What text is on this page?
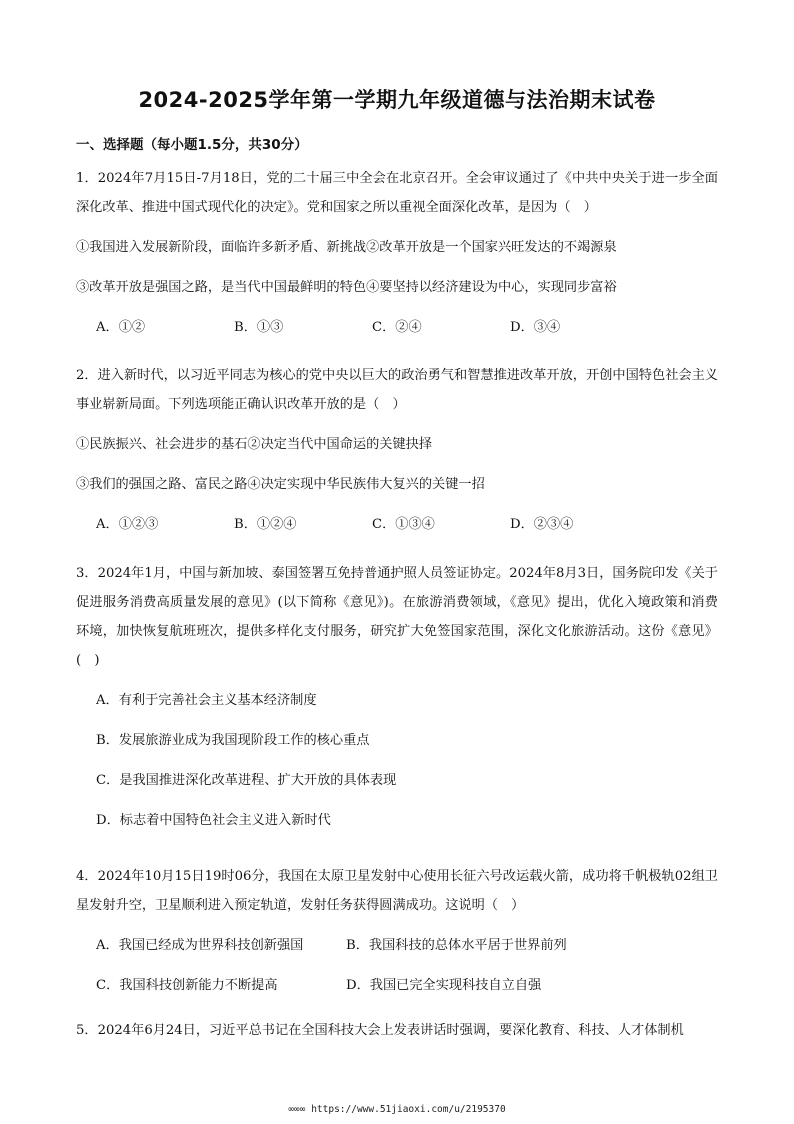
2024-2025学年第一学期九年级道德与法治期末试卷
一、选择题（每小题1.5分，共30分）
1．2024年7月15日-7月18日，党的二十届三中全会在北京召开。全会审议通过了《中共中央关于进一步全面深化改革、推进中国式现代化的决定》。党和国家之所以重视全面深化改革，是因为（　）
①我国进入发展新阶段，面临许多新矛盾、新挑战②改革开放是一个国家兴旺发达的不竭源泉
③改革开放是强国之路，是当代中国最鲜明的特色④要坚持以经济建设为中心，实现同步富裕
A．①②	B．①③	C．②④	D．③④
2．进入新时代，以习近平同志为核心的党中央以巨大的政治勇气和智慧推进改革开放，开创中国特色社会主义事业崭新局面。下列选项能正确认识改革开放的是（　）
①民族振兴、社会进步的基石②决定当代中国命运的关键抉择
③我们的强国之路、富民之路④决定实现中华民族伟大复兴的关键一招
A．①②③	B．①②④	C．①③④	D．②③④
3．2024年1月，中国与新加坡、泰国签署互免持普通护照人员签证协定。2024年8月3日，国务院印发《关于促进服务消费高质量发展的意见》(以下简称《意见》)。在旅游消费领域，《意见》提出，优化入境政策和消费环境，加快恢复航班班次，提供多样化支付服务，研究扩大免签国家范围，深化文化旅游活动。这份《意见》(　)
A．有利于完善社会主义基本经济制度
B．发展旅游业成为我国现阶段工作的核心重点
C．是我国推进深化改革进程、扩大开放的具体表现
D．标志着中国特色社会主义进入新时代
4．2024年10月15日19时06分，我国在太原卫星发射中心使用长征六号改运载火箭，成功将千帆极轨02组卫星发射升空，卫星顺利进入预定轨道，发射任务获得圆满成功。这说明（　）
A．我国已经成为世界科技创新强国	B．我国科技的总体水平居于世界前列
C．我国科技创新能力不断提高	D．我国已完全实现科技自立自强
5．2024年6月24日，习近平总书记在全国科技大会上发表讲话时强调，要深化教育、科技、人才体制机
∞∞∞ https://www.51jiaoxi.com/u/2195370
